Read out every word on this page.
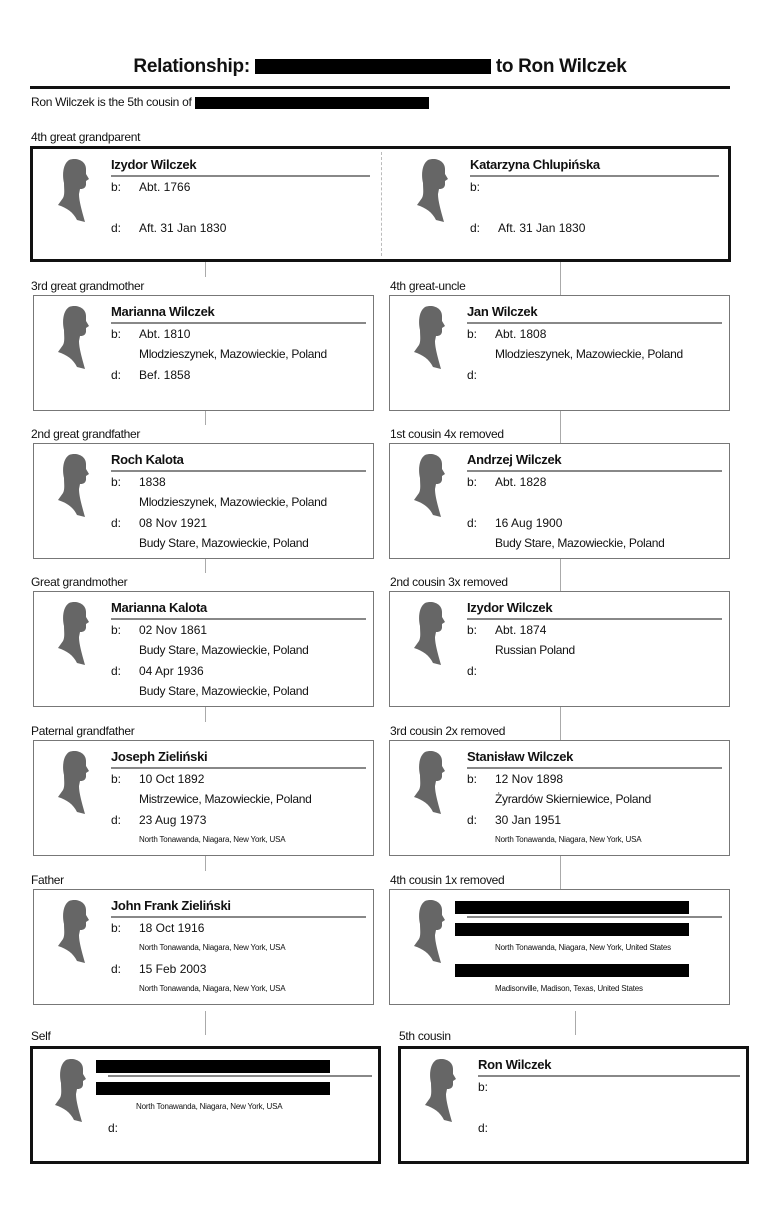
Relationship:	to Ron Wilczek
Ron Wilczek is the 5th cousin of
4th great grandparent
Izydor Wilczek
b: Abt. 1766
d: Aft. 31 Jan 1830
Katarzyna Chlupińska
b:
d: Aft. 31 Jan 1830
3rd great grandmother	4th great-uncle
Marianna Wilczek
b: Abt. 1810
Mlodzieszynek, Mazowieckie, Poland
d: Bef. 1858
Jan Wilczek
b: Abt. 1808
Mlodzieszynek, Mazowieckie, Poland
d:
2nd great grandfather	1st cousin 4x removed
Roch Kalota
b: 1838
Mlodzieszynek, Mazowieckie, Poland
d: 08 Nov 1921
Budy Stare, Mazowieckie, Poland
Andrzej Wilczek
b: Abt. 1828
d: 16 Aug 1900
Budy Stare, Mazowieckie, Poland
Great grandmother	2nd cousin 3x removed
Marianna Kalota
b: 02 Nov 1861
Budy Stare, Mazowieckie, Poland
d: 04 Apr 1936
Budy Stare, Mazowieckie, Poland
Izydor Wilczek
b: Abt. 1874
Russian Poland
d:
Paternal grandfather	3rd cousin 2x removed
Joseph Zieliński
b: 10 Oct 1892
Mistrzewice, Mazowieckie, Poland
d: 23 Aug 1973
North Tonawanda, Niagara, New York, USA
Stanisław Wilczek
b: 12 Nov 1898
Żyrardów Skierniewice, Poland
d: 30 Jan 1951
North Tonawanda, Niagara, New York, USA
Father	4th cousin 1x removed
John Frank Zieliński
b: 18 Oct 1916
North Tonawanda, Niagara, New York, USA
d: 15 Feb 2003
North Tonawanda, Niagara, New York, USA
North Tonawanda, Niagara, New York, United States
Madisonville, Madison, Texas, United States
Self	5th cousin
North Tonawanda, Niagara, New York, USA
d:
Ron Wilczek
b:
d:
